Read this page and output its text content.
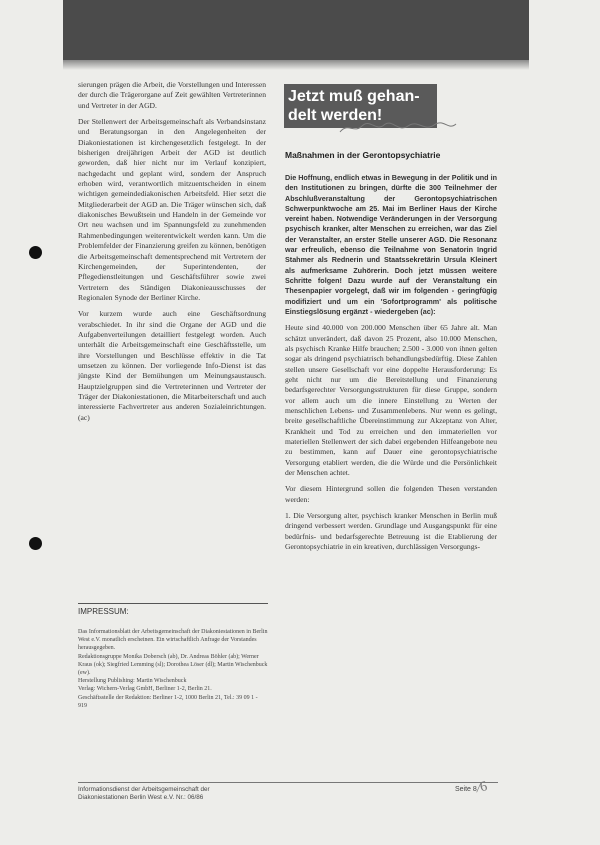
sierungen prägen die Arbeit, die Vorstellungen und Interessen der durch die Trägerorgane auf Zeit gewählten Vertreterinnen und Vertreter in der AGD.

Der Stellenwert der Arbeitsgemeinschaft als Verbandsinstanz und Beratungsorgan in den Angelegenheiten der Diakoniestationen ist kirchengesetzlich festgelegt. In der bisherigen dreijährigen Arbeit der AGD ist deutlich geworden, daß hier nicht nur im Verlauf konzipiert, nachgedacht und geplant wird, sondern der Anspruch erhoben wird, verantwortlich mitzuentscheiden in einem wichtigen gemeindediakonischen Arbeitsfeld. Hier setzt die Mitgliederarbeit der AGD an. Die Träger wünschen sich, daß diakonisches Bewußtsein und Handeln in der Gemeinde vor Ort neu wachsen und im Spannungsfeld zu zunehmenden Rahmenbedingungen weiterentwickelt werden kann. Um die Problemfelder der Finanzierung greifen zu können, benötigen die Arbeitsgemeinschaft dementsprechend mit Vertretern der Kirchengemeinden, der Superintendenten, der Pflegedienstleitungen und Geschäftsführer sowie zwei Vertretern des Ständigen Diakonieausschusses der Regionalen Synode der Berliner Kirche.

Vor kurzem wurde auch eine Geschäftsordnung verabschiedet. In ihr sind die Organe der AGD und die Aufgabenverteilungen detailliert festgelegt worden. Auch unterhält die Arbeitsgemeinschaft eine Geschäftsstelle, um ihre Vorstellungen und Beschlüsse effektiv in die Tat umsetzen zu können. Der vorliegende Info-Dienst ist das jüngste Kind der Bemühungen um Meinungsaustausch. Hauptzielgruppen sind die Vertreterinnen und Vertreter der Träger der Diakoniestationen, die Mitarbeiterschaft und auch interessierte Fachvertreter aus anderen Sozialeinrichtungen. (ac)

Jetzt muß gehan-
delt werden!
Maßnahmen in der Gerontopsychiatrie

Die Hoffnung, endlich etwas in Bewegung in der Politik und in den Institutionen zu bringen, dürfte die 300 Teilnehmer der Abschlußveranstaltung der Gerontopsychiatrischen Schwerpunktwoche am 25. Mai im Berliner Haus der Kirche vereint haben. Notwendige Veränderungen in der Versorgung psychisch kranker, alter Menschen zu erreichen, war das Ziel der Veranstalter, an erster Stelle unserer AGD. Die Resonanz war erfreulich, ebenso die Teilnahme von Senatorin Ingrid Stahmer als Rednerin und Staatssekretärin Ursula Kleinert als aufmerksame Zuhörerin. Doch jetzt müssen weitere Schritte folgen! Dazu wurde auf der Veranstaltung ein Thesenpapier vorgelegt, daß wir im folgenden - geringfügig modifiziert und um ein 'Sofortprogramm' als politische Einstiegslösung ergänzt - wiedergeben (ac):

Heute sind 40.000 von 200.000 Menschen über 65 Jahre alt. Man schätzt unverändert, daß davon 25 Prozent, also 10.000 Menschen, als psychisch Kranke Hilfe brauchen; 2.500 - 3.000 von ihnen gelten sogar als dringend psychiatrisch behandlungsbedürftig. Diese Zahlen stellen unsere Gesellschaft vor eine doppelte Herausforderung: Es geht nicht nur um die Bereitstellung und Finanzierung bedarfsgerechter Versorgungsstrukturen für diese Gruppe, sondern vor allem auch um die innere Einstellung zu Werten der menschlichen Lebens- und Zusammenlebens. Nur wenn es gelingt, breite gesellschaftliche Übereinstimmung zur Akzeptanz von Alter, Krankheit und Tod zu erreichen und den immateriellen vor materiellen Stellenwert der sich dabei ergebenden Hilfeangebote neu zu bestimmen, kann auf Dauer eine gerontopsychiatrische Versorgung etabliert werden, die die Würde und die Persönlichkeit der Menschen achtet.

Vor diesem Hintergrund sollen die folgenden Thesen verstanden werden:

1. Die Versorgung alter, psychisch kranker Menschen in Berlin muß dringend verbessert werden. Grundlage und Ausgangspunkt für eine bedürfnis- und bedarfsgerechte Betreuung ist die Etablierung der Gerontopsychiatrie in ein kreativen, durchlässigen Versorgungs-

IMPRESSUM:
Das Informationsblatt der Arbeitsgemeinschaft der Diakoniestationen in Berlin West e.V. monatlich erscheinen. Ein wirtschaftlich Anfrage der Vorstandes herausgegeben.
Redaktionsgruppe Monika Dobersch (ab), Dr. Andreas Böhler (ab); Werner Kraus (ok); Siegfried Lemming (sl); Dorothea Löser (dl); Martin Wischenbuck (ew).
Herstellung Publishing: Martin Wischenbuck
Verlag: Wichern-Verlag GmbH, Berliner 1-2, Berlin 21.
Geschäftsstelle der Redaktion: Berliner 1-2, 1000 Berlin 21, Tel.: 39 09 1 - 919
Informationsdienst der Arbeitsgemeinschaft der
Diakoniestationen Berlin West e.V. Nr.: 06/86
Seite 8 ⁄6
